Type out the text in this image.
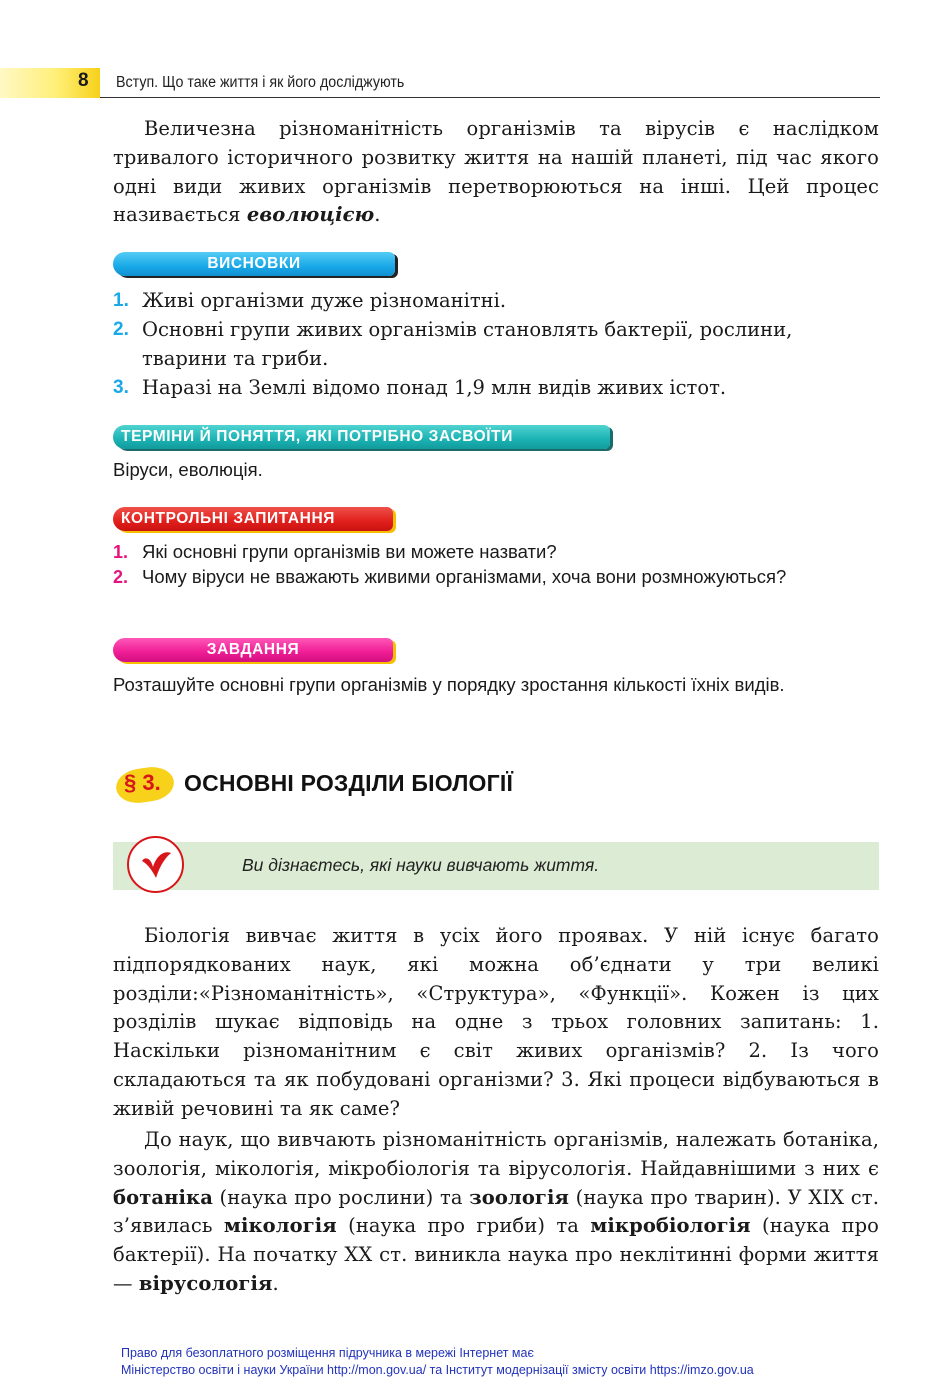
8 Вступ. Що таке життя і як його досліджують

Величезна різноманітність організмів та вірусів є наслідком тривалого історичного розвитку життя на нашій планеті, під час якого одні види живих організмів перетворюються на інші. Цей процес називається еволюцією.

ВИСНОВКИ
1. Живі організми дуже різноманітні.
2. Основні групи живих організмів становлять бактерії, рослини, тварини та гриби.
3. Наразі на Землі відомо понад 1,9 млн видів живих істот.
ТЕРМІНИ Й ПОНЯТТЯ, ЯКІ ПОТРІБНО ЗАСВОЇТИ

Віруси, еволюція.

КОНТРОЛЬНІ ЗАПИТАННЯ
1. Які основні групи організмів ви можете назвати?
2. Чому віруси не вважають живими організмами, хоча вони розмножуються?
ЗАВДАННЯ

Розташуйте основні групи організмів у порядку зростання кількості їхніх видів.

§ 3. ОСНОВНІ РОЗДІЛИ БІОЛОГІЇ
Ви дізнаєтесь, які науки вивчають життя.

Біологія вивчає життя в усіх його проявах. У ній існує багато підпорядкованих наук, які можна об’єднати у три великі розділи:«Різноманітність», «Структура», «Функції». Кожен із цих розділів шукає відповідь на одне з трьох головних запитань: 1. Наскільки різноманітним є світ живих організмів? 2. Із чого складаються та як побудовані організми? 3. Які процеси відбуваються в живій речовині та як саме?

До наук, що вивчають різноманітність організмів, належать ботаніка, зоологія, мікологія, мікробіологія та вірусологія. Найдавнішими з них є ботаніка (наука про рослини) та зоологія (наука про тварин). У XIX ст. з’явилась мікологія (наука про гриби) та мікробіологія (наука про бактерії). На початку XX ст. виникла наука про неклітинні форми життя — вірусологія.

Право для безоплатного розміщення підручника в мережі Інтернет має
Міністерство освіти і науки України http://mon.gov.ua/ та Інститут модернізації змісту освіти https://imzo.gov.ua
